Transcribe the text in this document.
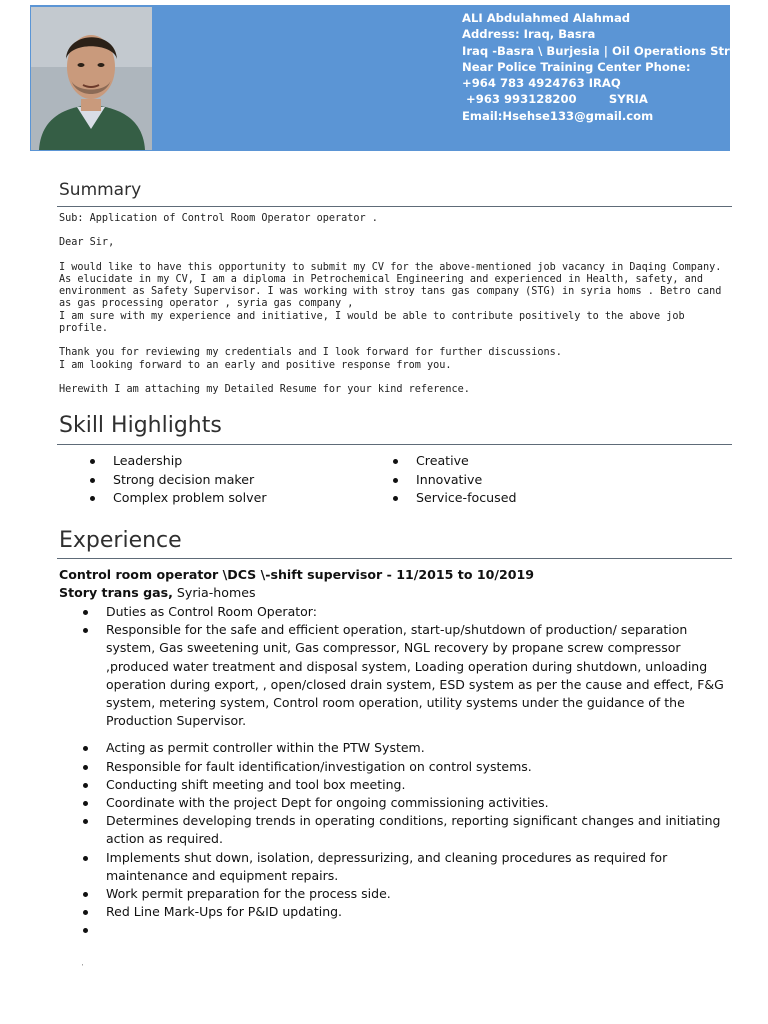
ALI Abdulahmed Alahmad
Address: Iraq, Basra
Iraq -Basra \ Burjesia | Oil Operations Street
Near Police Training Center Phone:
+964 783 4924763 IRAQ
+963 993128200        SYRIA
Email:Hsehse133@gmail.com
Summary

Sub: Application of Control Room Operator operator .

Dear Sir,

I would like to have this opportunity to submit my CV for the above-mentioned job vacancy in Daqing Company. As elucidate in my CV, I am a diploma in Petrochemical Engineering and experienced in Health, safety, and environment as Safety Supervisor. I was working with stroy tans gas company (STG) in syria homs . Betro cand as gas processing operator , syria gas company ,

I am sure with my experience and initiative, I would be able to contribute positively to the above job profile.

Thank you for reviewing my credentials and I look forward for further discussions.

I am looking forward to an early and positive response from you.

Herewith I am attaching my Detailed Resume for your kind reference.

Skill Highlights
Leadership
Strong decision maker
Complex problem solver
Creative
Innovative
Service-focused
Experience
Control room operator \DCS \-shift supervisor - 11/2015 to 10/2019
Story trans gas, Syria-homes
Duties as Control Room Operator:
Responsible for the safe and efficient operation, start-up/shutdown of production/ separation system, Gas sweetening unit, Gas compressor, NGL recovery by propane screw compressor ,produced water treatment and disposal system, Loading operation during shutdown, unloading operation during export, , open/closed drain system, ESD system as per the cause and effect, F&G system, metering system, Control room operation, utility systems under the guidance of the Production Supervisor.
Acting as permit controller within the PTW System.
Responsible for fault identification/investigation on control systems.
Conducting shift meeting and tool box meeting.
Coordinate with the project Dept for ongoing commissioning activities.
Determines developing trends in operating conditions, reporting significant changes and initiating action as required.
Implements shut down, isolation, depressurizing, and cleaning procedures as required for maintenance and equipment repairs.
Work permit preparation for the process side.
Red Line Mark-Ups for P&ID updating.

'
